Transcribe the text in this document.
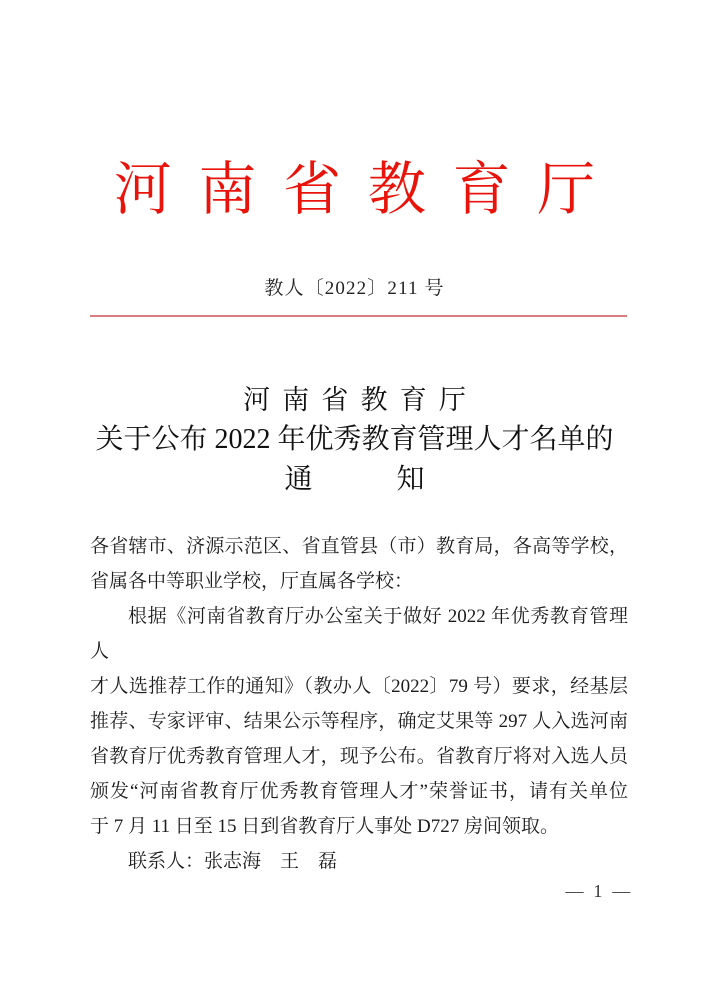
河南省教育厅
教人〔2022〕211 号
河南省教育厅
关于公布 2022 年优秀教育管理人才名单的
通　　　知
各省辖市、济源示范区、省直管县（市）教育局，各高等学校，
省属各中等职业学校，厅直属各学校：
根据《河南省教育厅办公室关于做好 2022 年优秀教育管理人
才人选推荐工作的通知》（教办人〔2022〕79 号）要求，经基层
推荐、专家评审、结果公示等程序，确定艾果等 297 人入选河南
省教育厅优秀教育管理人才，现予公布。省教育厅将对入选人员
颁发“河南省教育厅优秀教育管理人才”荣誉证书，请有关单位
于 7 月 11 日至 15 日到省教育厅人事处 D727 房间领取。
联系人：张志海　王　磊
— 1 —
